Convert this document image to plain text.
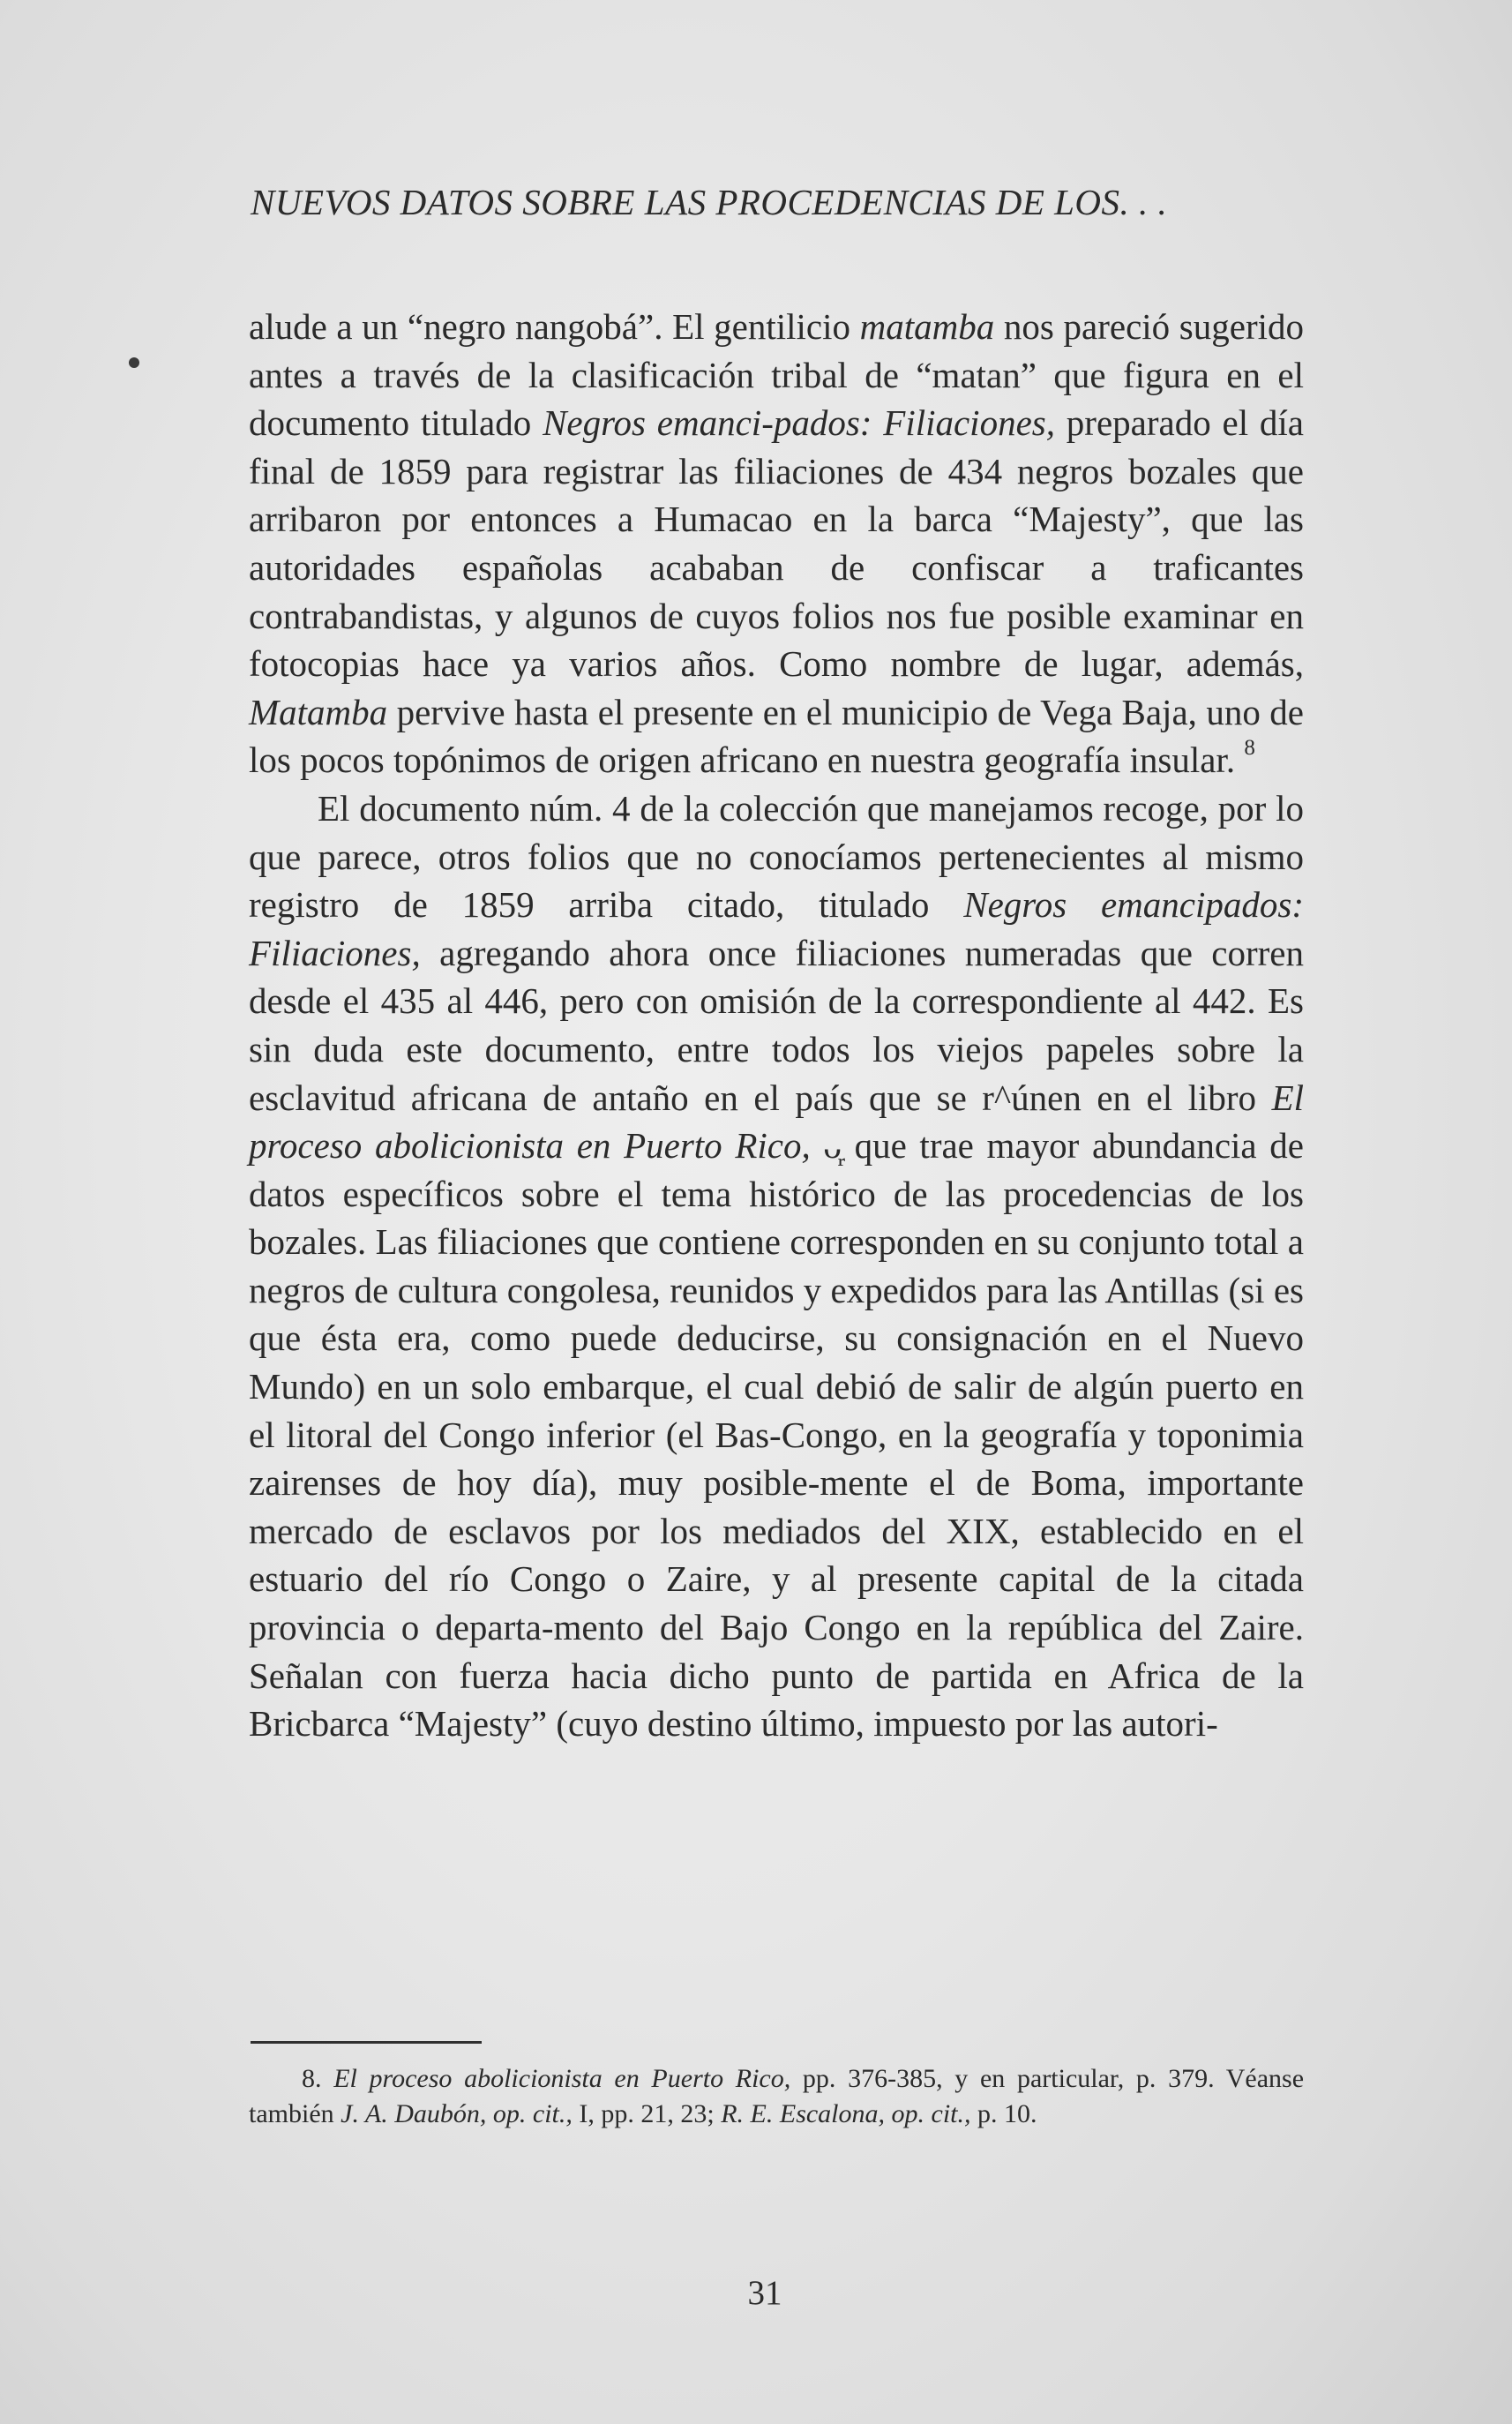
NUEVOS DATOS SOBRE LAS PROCEDENCIAS DE LOS. . .

alude a un “negro nangobá”. El gentilicio matamba nos pareció sugerido antes a través de la clasificación tribal de “matan” que figura en el documento titulado Negros emanci-pados: Filiaciones, preparado el día final de 1859 para registrar las filiaciones de 434 negros bozales que arribaron por entonces a Humacao en la barca “Majesty”, que las autoridades españolas acababan de confiscar a traficantes contrabandistas, y algunos de cuyos folios nos fue posible examinar en fotocopias hace ya varios años. Como nombre de lugar, además, Matamba pervive hasta el presente en el municipio de Vega Baja, uno de los pocos topónimos de origen africano en nuestra geografía insular. $^8$

El documento núm. 4 de la colección que manejamos recoge, por lo que parece, otros folios que no conocíamos pertenecientes al mismo registro de 1859 arriba citado, titulado Negros emancipados: Filiaciones, agregando ahora once filiaciones numeradas que corren desde el 435 al 446, pero con omisión de la correspondiente al 442. Es sin duda este documento, entre todos los viejos papeles sobre la esclavitud africana de antaño en el país que se r^únen en el libro El proceso abolicionista en Puerto Rico, ᴗ᷊ que trae mayor abundancia de datos específicos sobre el tema histórico de las procedencias de los bozales. Las filiaciones que contiene corresponden en su conjunto total a negros de cultura congolesa, reunidos y expedidos para las Antillas (si es que ésta era, como puede deducirse, su consignación en el Nuevo Mundo) en un solo embarque, el cual debió de salir de algún puerto en el litoral del Congo inferior (el Bas-Congo, en la geografía y toponimia zairenses de hoy día), muy posible-mente el de Boma, importante mercado de esclavos por los mediados del XIX, establecido en el estuario del río Congo o Zaire, y al presente capital de la citada provincia o departa-mento del Bajo Congo en la república del Zaire. Señalan con fuerza hacia dicho punto de partida en Africa de la Bricbarca “Majesty” (cuyo destino último, impuesto por las autori-

8. El proceso abolicionista en Puerto Rico, pp. 376-385, y en particular, p. 379. Véanse también J. A. Daubón, op. cit., I, pp. 21, 23; R. E. Escalona, op. cit., p. 10.

31
